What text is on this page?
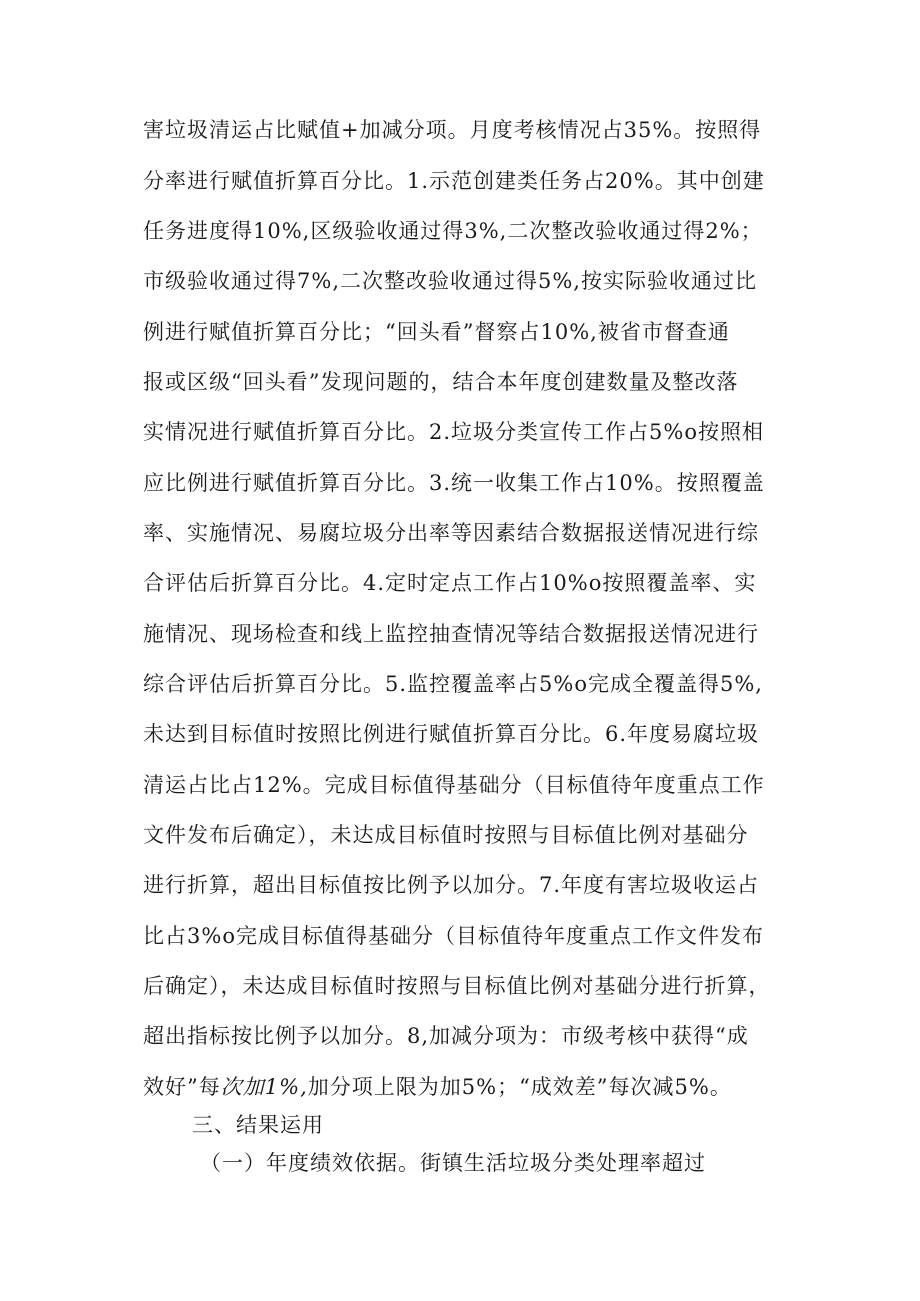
害垃圾清运占比赋值+加减分项。月度考核情况占35%。按照得
分率进行赋值折算百分比。1.示范创建类任务占20%。其中创建
任务进度得10%,区级验收通过得3%,二次整改验收通过得2%；
市级验收通过得7%,二次整改验收通过得5%,按实际验收通过比
例进行赋值折算百分比；“回头看”督察占10%,被省市督查通
报或区级“回头看”发现问题的，结合本年度创建数量及整改落
实情况进行赋值折算百分比。2.垃圾分类宣传工作占5%o按照相
应比例进行赋值折算百分比。3.统一收集工作占10%。按照覆盖
率、实施情况、易腐垃圾分出率等因素结合数据报送情况进行综
合评估后折算百分比。4.定时定点工作占10%o按照覆盖率、实
施情况、现场检查和线上监控抽查情况等结合数据报送情况进行
综合评估后折算百分比。5.监控覆盖率占5%o完成全覆盖得5%,
未达到目标值时按照比例进行赋值折算百分比。6.年度易腐垃圾
清运占比占12%。完成目标值得基础分（目标值待年度重点工作
文件发布后确定），未达成目标值时按照与目标值比例对基础分
进行折算，超出目标值按比例予以加分。7.年度有害垃圾收运占
比占3%o完成目标值得基础分（目标值待年度重点工作文件发布
后确定），未达成目标值时按照与目标值比例对基础分进行折算，
超出指标按比例予以加分。8,加减分项为：市级考核中获得“成
效好”每次加1%,加分项上限为加5%；“成效差”每次减5%。
三、结果运用
（一）年度绩效依据。街镇生活垃圾分类处理率超过
